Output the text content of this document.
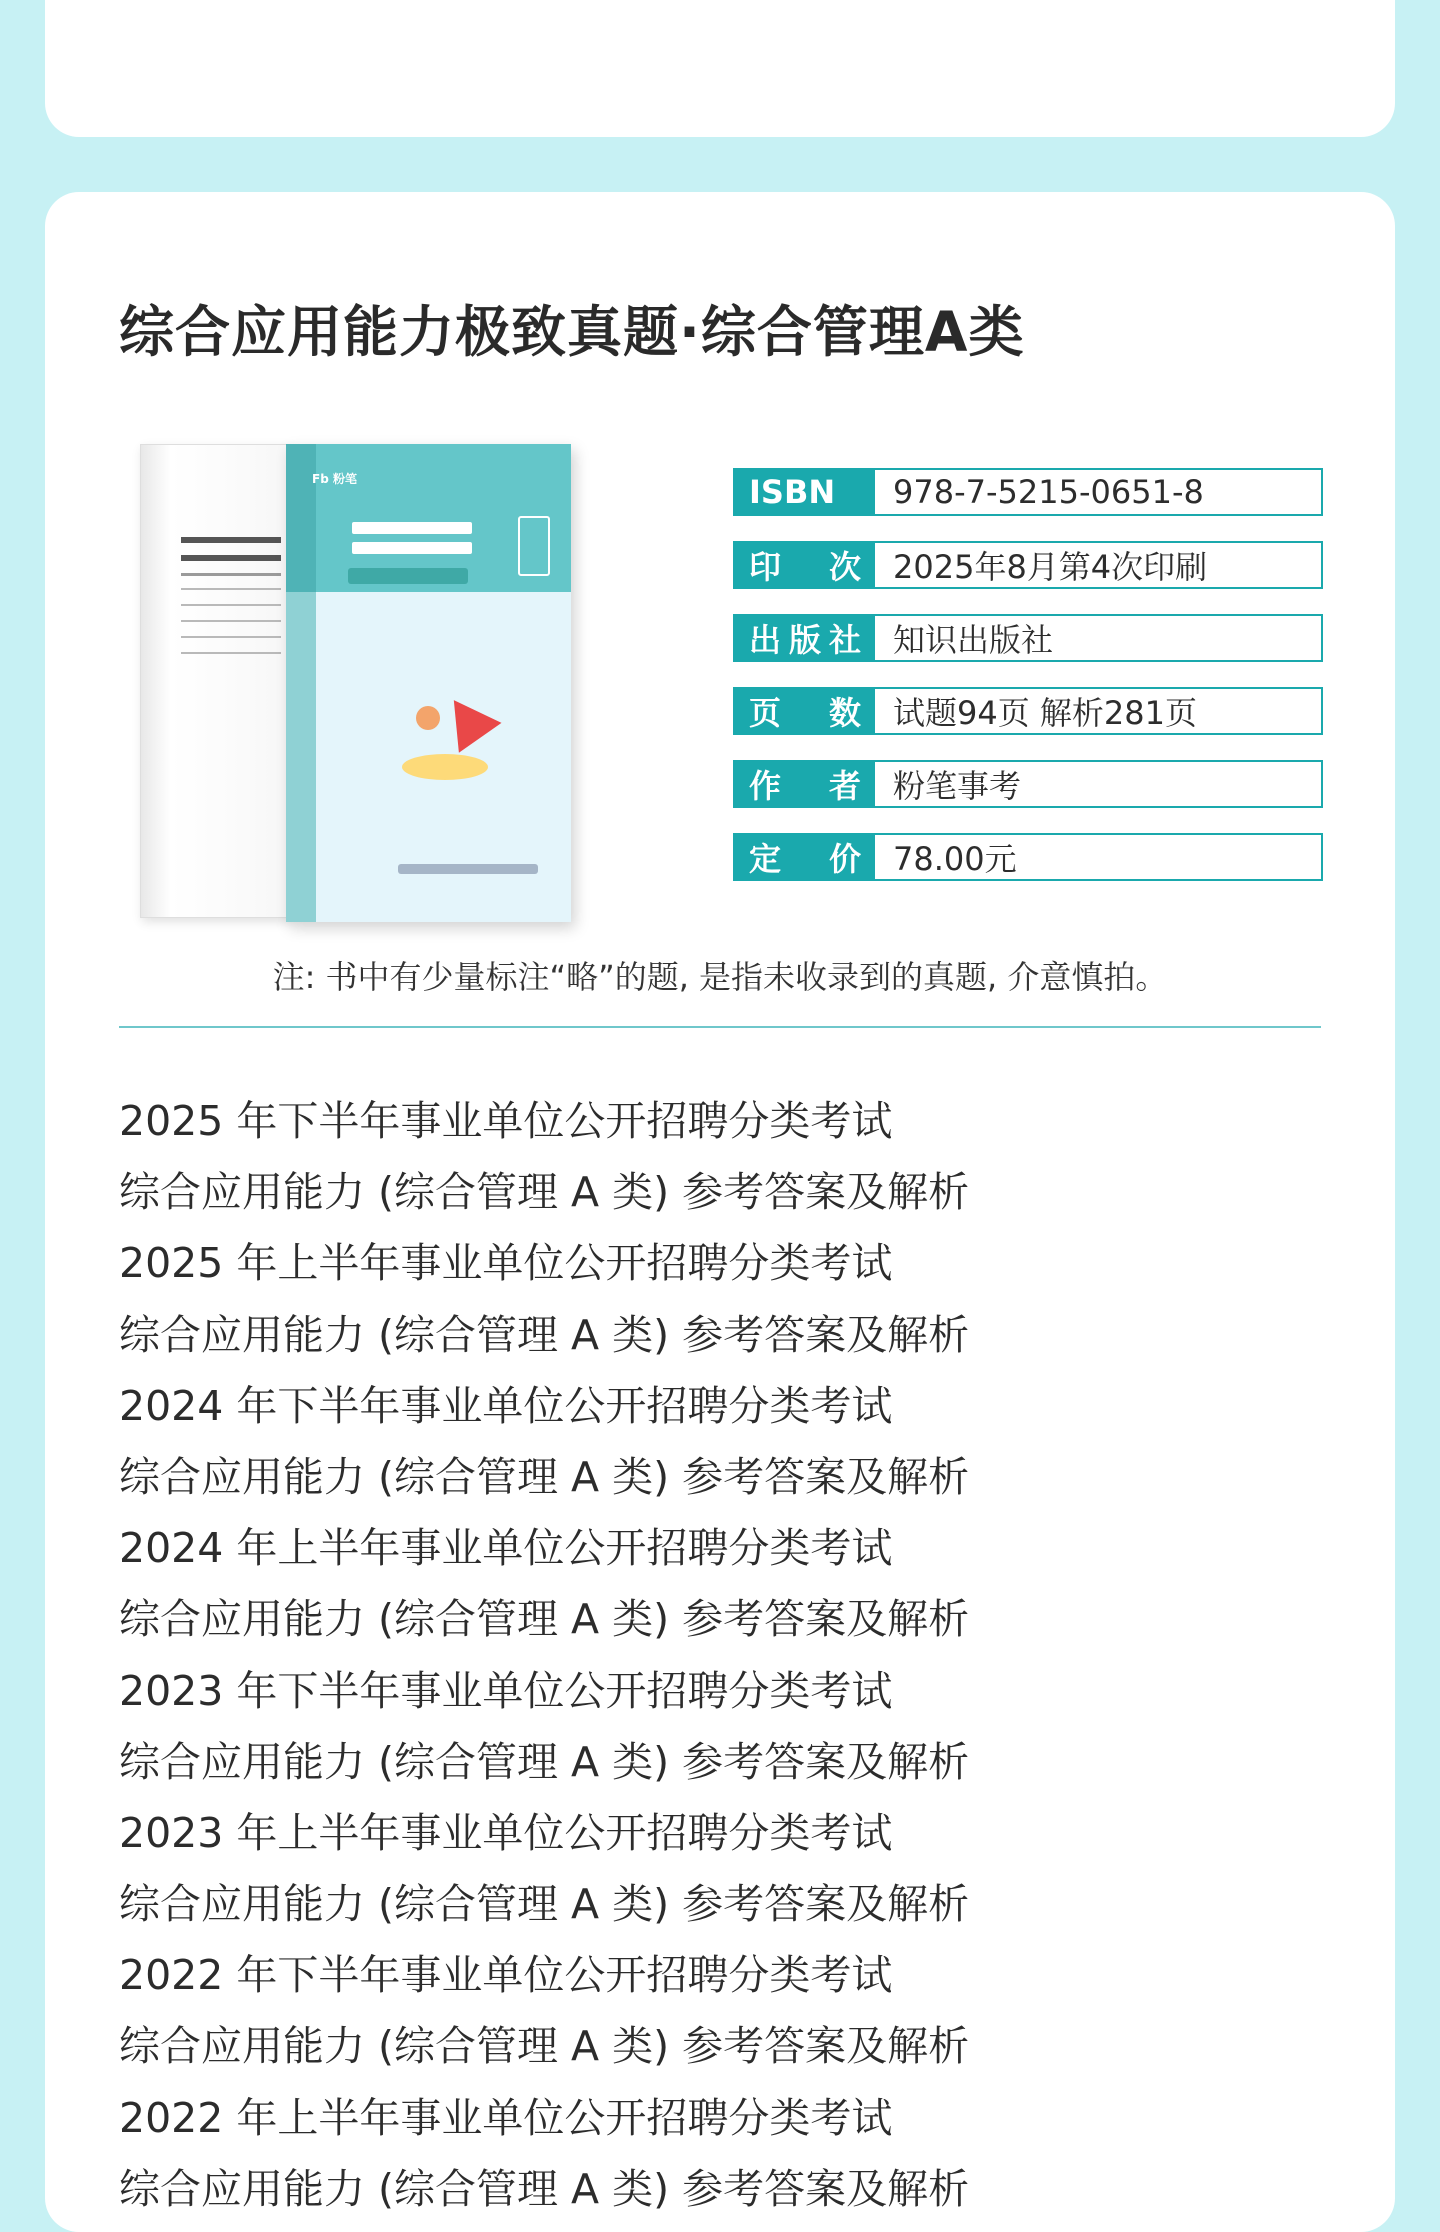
综合应用能力极致真题·综合管理A类
Fb 粉笔	ISBN	978-7-5215-0651-8
印次	2025年8月第4次印刷
出版社	知识出版社
页数	试题94页 解析281页
作者	粉笔事考
定价	78.00元

注: 书中有少量标注“略”的题, 是指未收录到的真题, 介意慎拍。

2025 年下半年事业单位公开招聘分类考试
综合应用能力 (综合管理 A 类) 参考答案及解析
2025 年上半年事业单位公开招聘分类考试
综合应用能力 (综合管理 A 类) 参考答案及解析
2024 年下半年事业单位公开招聘分类考试
综合应用能力 (综合管理 A 类) 参考答案及解析
2024 年上半年事业单位公开招聘分类考试
综合应用能力 (综合管理 A 类) 参考答案及解析
2023 年下半年事业单位公开招聘分类考试
综合应用能力 (综合管理 A 类) 参考答案及解析
2023 年上半年事业单位公开招聘分类考试
综合应用能力 (综合管理 A 类) 参考答案及解析
2022 年下半年事业单位公开招聘分类考试
综合应用能力 (综合管理 A 类) 参考答案及解析
2022 年上半年事业单位公开招聘分类考试
综合应用能力 (综合管理 A 类) 参考答案及解析
